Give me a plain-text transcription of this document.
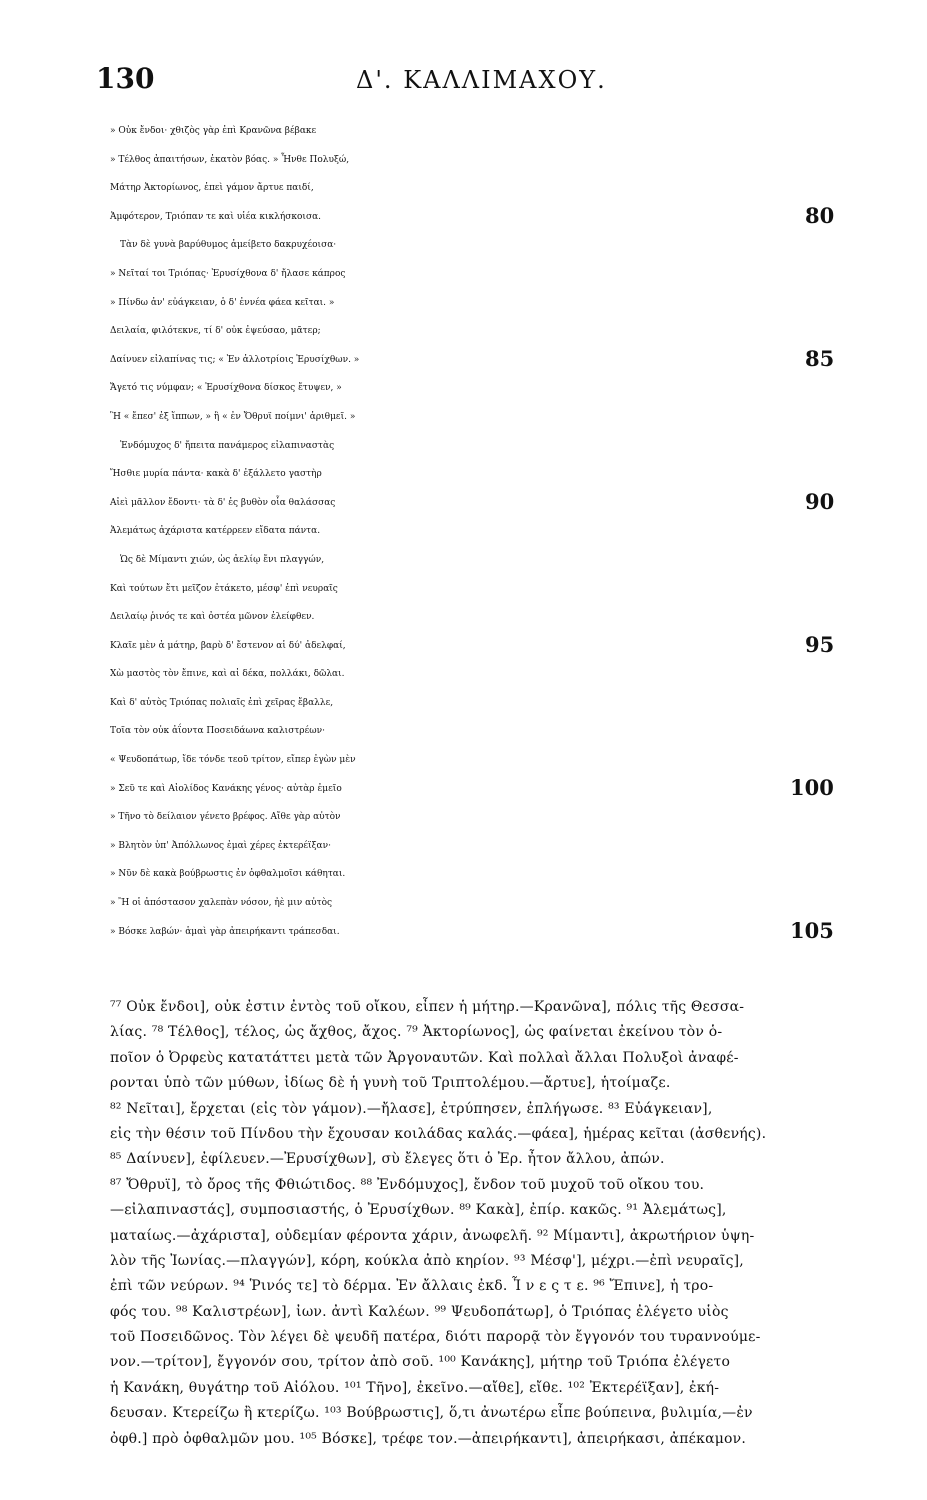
130	Δ'. ΚΑΛΛΙΜΑΧΟΥ.
» Οὐκ ἔνδοι· χθιζὸς γὰρ ἐπὶ Κρανῶνα βέβακε
» Τέλθος ἀπαιτήσων, ἑκατὸν βόας. » Ἦνθε Πολυξώ,
Μάτηρ Ἀκτορίωνος, ἐπεὶ γάμον ἄρτυε παιδί,
Ἀμφότερον, Τριόπαν τε καὶ υἱέα κικλήσκοισα.
Τὰν δὲ γυνὰ βαρύθυμος ἀμείβετο δακρυχέοισα·
» Νεῖταί τοι Τριόπας· Ἐρυσίχθονα δ' ἤλασε κάπρος
» Πίνδω ἀν' εὐάγκειαν, ὁ δ' ἐννέα φάεα κεῖται. »
Δειλαία, φιλότεκνε, τί δ' οὐκ ἐψεύσαο, μᾶτερ;
Δαίνυεν εἰλαπίνας τις; « Ἐν ἀλλοτρίοις Ἐρυσίχθων. »
Ἄγετό τις νύμφαν; « Ἐρυσίχθονα δίσκος ἔτυψεν, »
Ἢ « ἔπεσ' ἐξ ἵππων, » ἢ « ἐν Ὄθρυϊ ποίμνι' ἀριθμεῖ. »
Ἐνδόμυχος δ' ἤπειτα πανάμερος εἰλαπιναστὰς
Ἤσθιε μυρία πάντα· κακὰ δ' ἐξάλλετο γαστὴρ
Αἰεὶ μᾶλλον ἔδοντι· τὰ δ' ἐς βυθὸν οἷα θαλάσσας
Ἀλεμάτως ἀχάριστα κατέρρεεν εἴδατα πάντα.
Ὡς δὲ Μίμαντι χιών, ὡς ἀελίῳ ἔνι πλαγγών,
Καὶ τούτων ἔτι μεῖζον ἐτάκετο, μέσφ' ἐπὶ νευραῖς
Δειλαίῳ ῥινός τε καὶ ὀστέα μῶνον ἐλείφθεν.
Κλαῖε μὲν ἁ μάτηρ, βαρὺ δ' ἔστενον αἱ δύ' ἀδελφαί,
Χὼ μαστὸς τὸν ἔπινε, καὶ αἱ δέκα, πολλάκι, δῶλαι.
Καὶ δ' αὐτὸς Τριόπας πολιαῖς ἐπὶ χεῖρας ἔβαλλε,
Τοῖα τὸν οὐκ ἀΐοντα Ποσειδάωνα καλιστρέων·
« Ψευδοπάτωρ, ἴδε τόνδε τεοῦ τρίτον, εἴπερ ἐγὼν μὲν
» Σεῦ τε καὶ Αἰολίδος Κανάκης γένος· αὐτὰρ ἐμεῖο
» Τῆνο τὸ δείλαιον γένετο βρέφος. Αἴθε γὰρ αὐτὸν
» Βλητὸν ὑπ' Ἀπόλλωνος ἐμαὶ χέρες ἐκτερέϊξαν·
» Νῦν δὲ κακὰ βούβρωστις ἐν ὀφθαλμοῖσι κάθηται.
» Ἢ οἱ ἀπόστασον χαλεπὰν νόσον, ἠὲ μιν αὐτὸς
» Βόσκε λαβών· ἁμαὶ γὰρ ἀπειρήκαντι τράπεσδαι.
80
85
90
95
100
105
⁷⁷ Οὐκ ἔνδοι], οὐκ ἐστιν ἐντὸς τοῦ οἴκου, εἶπεν ἡ μήτηρ.—Κρανῶνα], πόλις τῆς Θεσσα-
λίας. ⁷⁸ Τέλθος], τέλος, ὡς ἄχθος, ἄχος. ⁷⁹ Ἀκτορίωνος], ὡς φαίνεται ἐκείνου τὸν ὁ-
ποῖον ὁ Ὀρφεὺς κατατάττει μετὰ τῶν Ἀργοναυτῶν. Καὶ πολλαὶ ἄλλαι Πολυξοὶ ἀναφέ-
ρονται ὑπὸ τῶν μύθων, ἰδίως δὲ ἡ γυνὴ τοῦ Τριπτολέμου.—ἄρτυε], ἡτοίμαζε.
⁸² Νεῖται], ἔρχεται (εἰς τὸν γάμον).—ἤλασε], ἐτρύπησεν, ἐπλήγωσε. ⁸³ Εὐάγκειαν],
εἰς τὴν θέσιν τοῦ Πίνδου τὴν ἔχουσαν κοιλάδας καλάς.—φάεα], ἡμέρας κεῖται (ἀσθενής).
⁸⁵ Δαίνυεν], ἐφίλευεν.—Ἐρυσίχθων], σὺ ἔλεγες ὅτι ὁ Ἐρ. ἦτον ἄλλου, ἀπών.
⁸⁷ Ὄθρυϊ], τὸ ὄρος τῆς Φθιώτιδος. ⁸⁸ Ἐνδόμυχος], ἔνδον τοῦ μυχοῦ τοῦ οἴκου του.
—εἰλαπιναστάς], συμποσιαστής, ὁ Ἐρυσίχθων. ⁸⁹ Κακὰ], ἐπίρ. κακῶς. ⁹¹ Ἀλεμάτως],
ματαίως.—ἀχάριστα], οὐδεμίαν φέροντα χάριν, ἀνωφελῆ. ⁹² Μίμαντι], ἀκρωτήριον ὑψη-
λὸν τῆς Ἰωνίας.—πλαγγών], κόρη, κούκλα ἀπὸ κηρίον. ⁹³ Μέσφ'], μέχρι.—ἐπὶ νευραῖς],
ἐπὶ τῶν νεύρων. ⁹⁴ Ῥινός τε] τὸ δέρμα. Ἐν ἄλλαις ἐκδ. Ἶ ν ε ς τ ε. ⁹⁶ Ἔπινε], ἡ τρο-
φός του. ⁹⁸ Καλιστρέων], ἰων. ἀντὶ Καλέων. ⁹⁹ Ψευδοπάτωρ], ὁ Τριόπας ἐλέγετο υἱὸς
τοῦ Ποσειδῶνος. Τὸν λέγει δὲ ψευδῆ πατέρα, διότι παρορᾷ τὸν ἔγγονόν του τυραννούμε-
νον.—τρίτον], ἔγγονόν σου, τρίτον ἀπὸ σοῦ. ¹⁰⁰ Κανάκης], μήτηρ τοῦ Τριόπα ἐλέγετο
ἡ Κανάκη, θυγάτηρ τοῦ Αἰόλου. ¹⁰¹ Τῆνο], ἐκεῖνο.—αἴθε], εἴθε. ¹⁰² Ἐκτερέϊξαν], ἐκή-
δευσαν. Κτερείζω ἢ κτερίζω. ¹⁰³ Βούβρωστις], ὅ,τι ἀνωτέρω εἶπε βούπεινα, βυλιμία,—ἐν
ὀφθ.] πρὸ ὀφθαλμῶν μου. ¹⁰⁵ Βόσκε], τρέφε τον.—ἀπειρήκαντι], ἀπειρήκασι, ἀπέκαμον.
